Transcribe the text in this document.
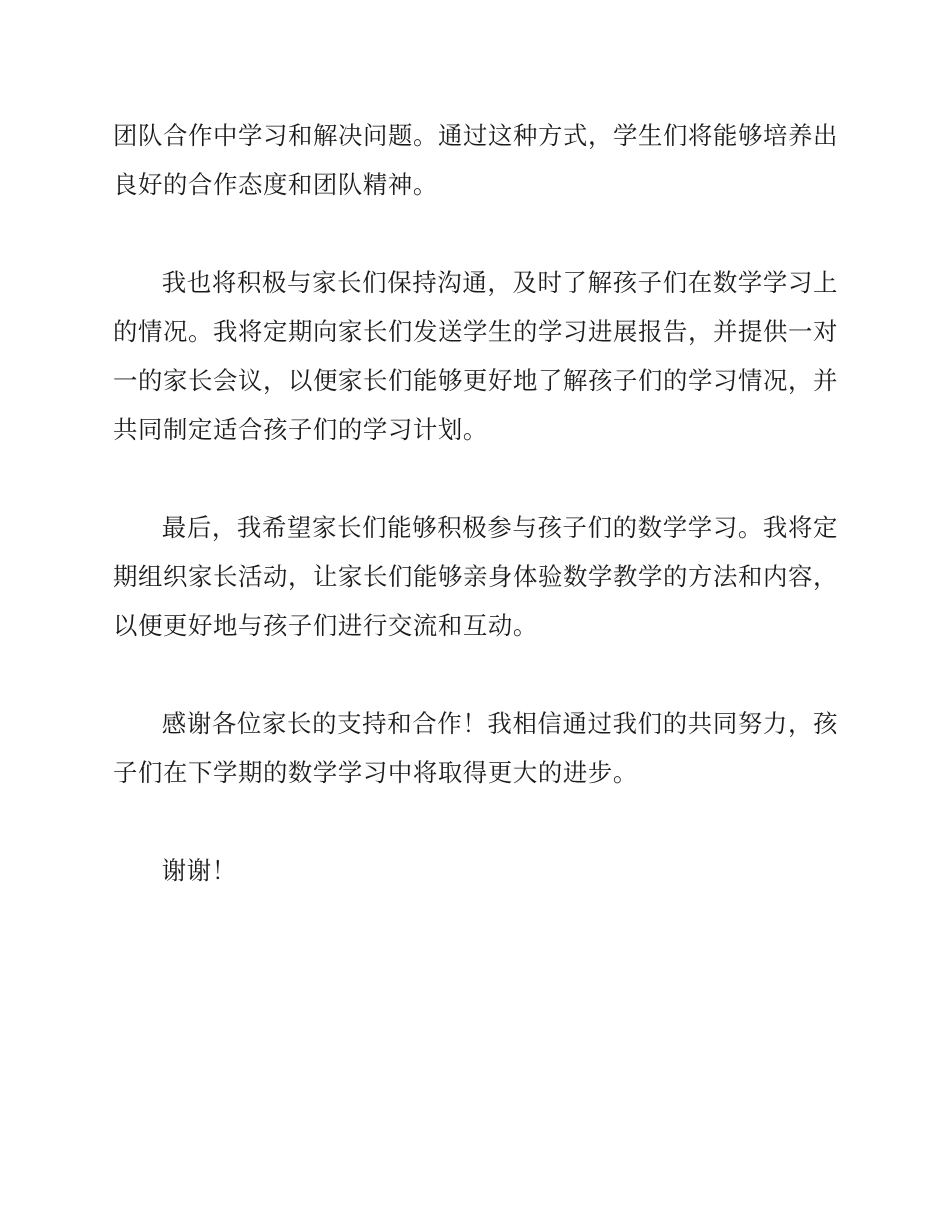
团队合作中学习和解决问题。通过这种方式，学生们将能够培养出良好的合作态度和团队精神。

我也将积极与家长们保持沟通，及时了解孩子们在数学学习上的情况。我将定期向家长们发送学生的学习进展报告，并提供一对一的家长会议，以便家长们能够更好地了解孩子们的学习情况，并共同制定适合孩子们的学习计划。

最后，我希望家长们能够积极参与孩子们的数学学习。我将定期组织家长活动，让家长们能够亲身体验数学教学的方法和内容，以便更好地与孩子们进行交流和互动。

感谢各位家长的支持和合作！我相信通过我们的共同努力，孩子们在下学期的数学学习中将取得更大的进步。

谢谢！
